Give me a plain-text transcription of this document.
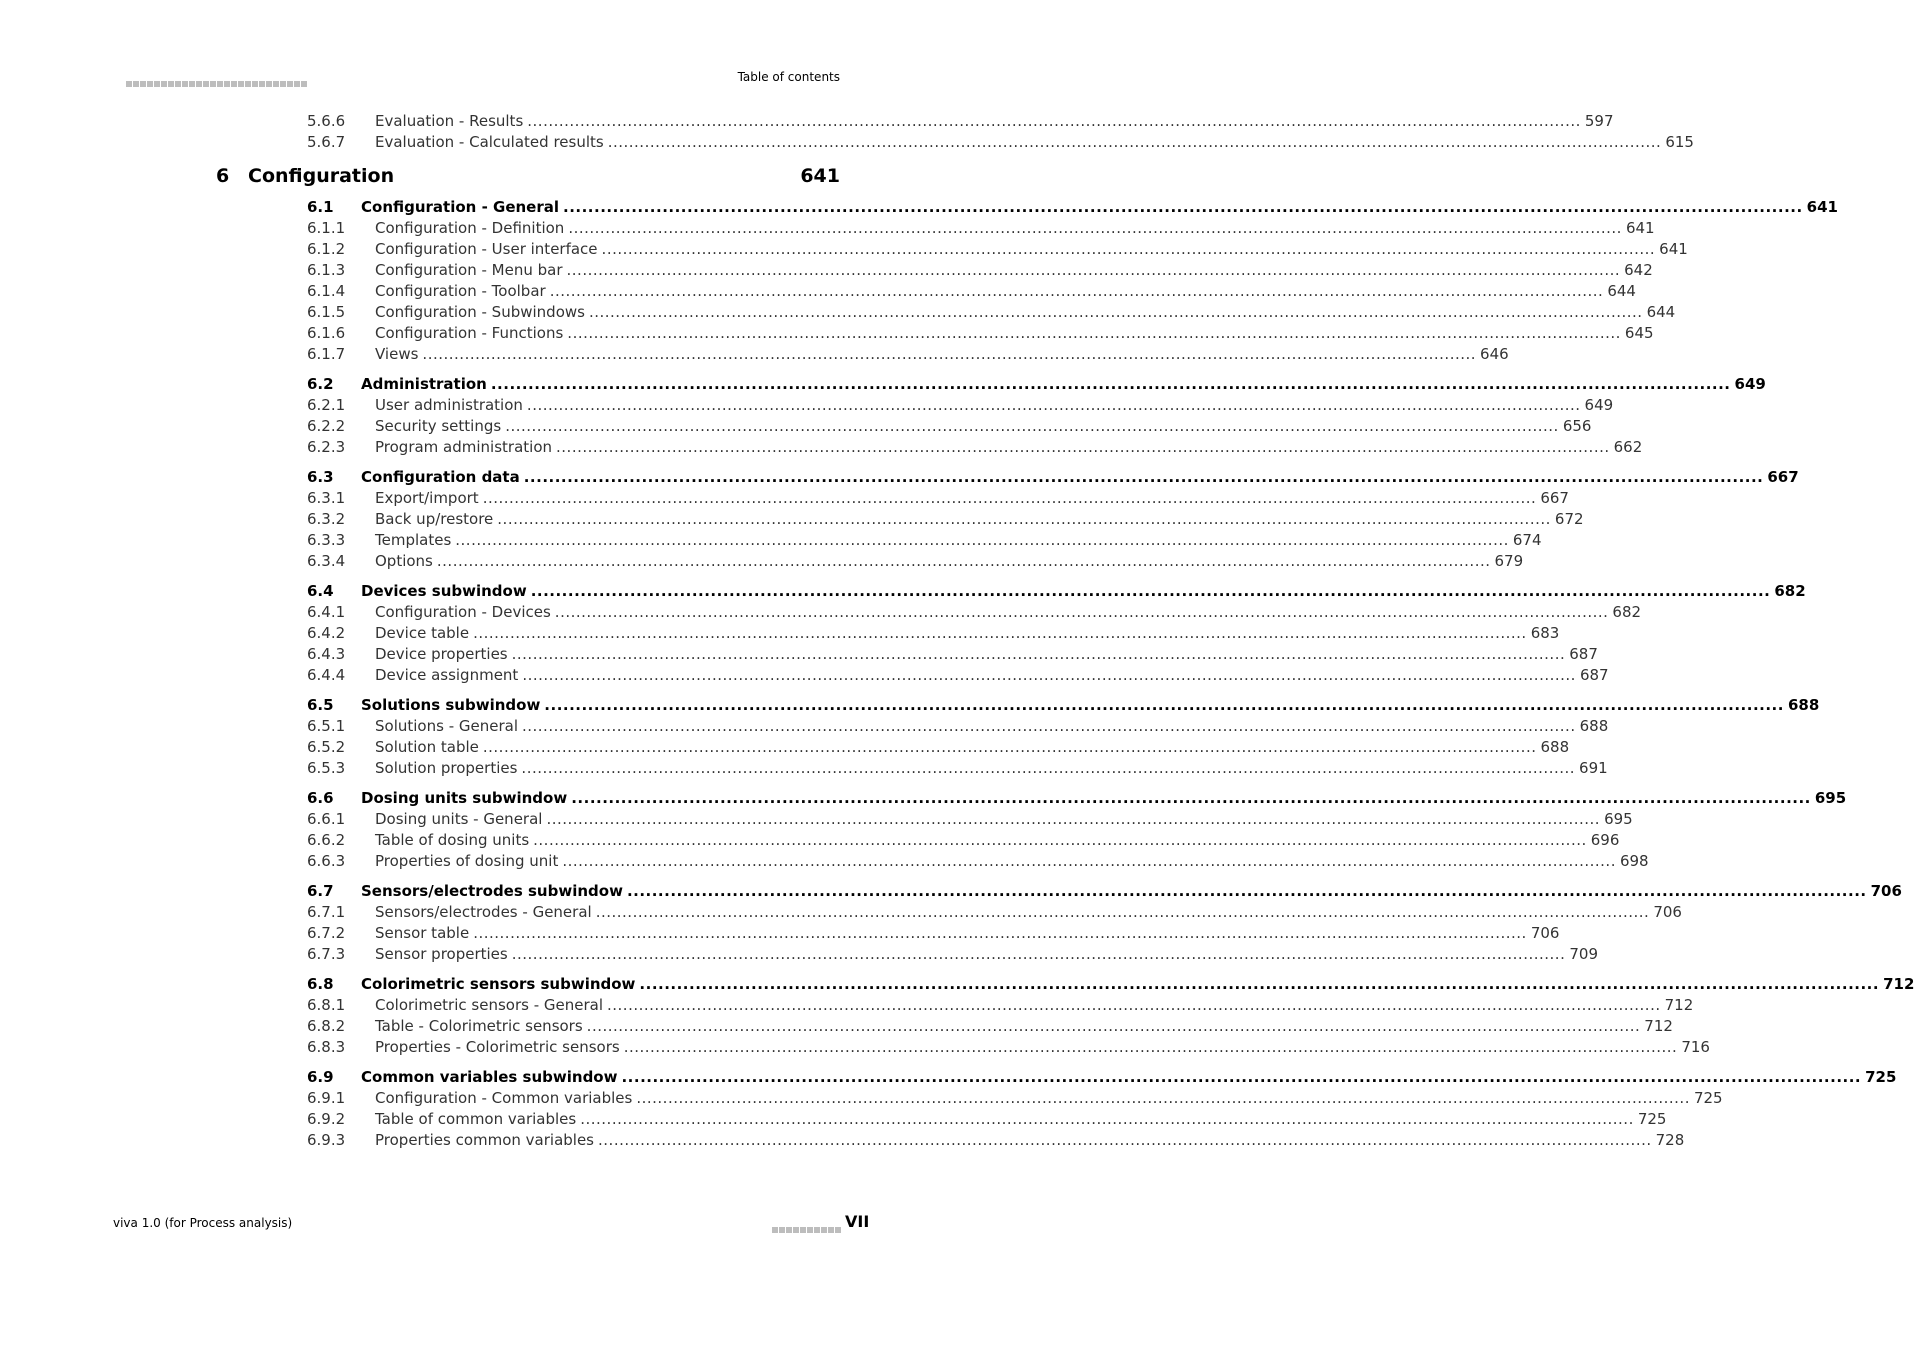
Table of contents
5.6.6 Evaluation - Results ........................................................................................................................................................................................................ 597
5.6.7 Evaluation - Calculated results ........................................................................................................................................................................................................ 615
6 Configuration	641
6.1 Configuration - General ........................................................................................................................................................................................................ 641
6.1.1 Configuration - Definition ........................................................................................................................................................................................................ 641
6.1.2 Configuration - User interface ........................................................................................................................................................................................................ 641
6.1.3 Configuration - Menu bar ........................................................................................................................................................................................................ 642
6.1.4 Configuration - Toolbar ........................................................................................................................................................................................................ 644
6.1.5 Configuration - Subwindows ........................................................................................................................................................................................................ 644
6.1.6 Configuration - Functions ........................................................................................................................................................................................................ 645
6.1.7 Views ........................................................................................................................................................................................................ 646
6.2 Administration ........................................................................................................................................................................................................ 649
6.2.1 User administration ........................................................................................................................................................................................................ 649
6.2.2 Security settings ........................................................................................................................................................................................................ 656
6.2.3 Program administration ........................................................................................................................................................................................................ 662
6.3 Configuration data ........................................................................................................................................................................................................ 667
6.3.1 Export/import ........................................................................................................................................................................................................ 667
6.3.2 Back up/restore ........................................................................................................................................................................................................ 672
6.3.3 Templates ........................................................................................................................................................................................................ 674
6.3.4 Options ........................................................................................................................................................................................................ 679
6.4 Devices subwindow ........................................................................................................................................................................................................ 682
6.4.1 Configuration - Devices ........................................................................................................................................................................................................ 682
6.4.2 Device table ........................................................................................................................................................................................................ 683
6.4.3 Device properties ........................................................................................................................................................................................................ 687
6.4.4 Device assignment ........................................................................................................................................................................................................ 687
6.5 Solutions subwindow ........................................................................................................................................................................................................ 688
6.5.1 Solutions - General ........................................................................................................................................................................................................ 688
6.5.2 Solution table ........................................................................................................................................................................................................ 688
6.5.3 Solution properties ........................................................................................................................................................................................................ 691
6.6 Dosing units subwindow ........................................................................................................................................................................................................ 695
6.6.1 Dosing units - General ........................................................................................................................................................................................................ 695
6.6.2 Table of dosing units ........................................................................................................................................................................................................ 696
6.6.3 Properties of dosing unit ........................................................................................................................................................................................................ 698
6.7 Sensors/electrodes subwindow ........................................................................................................................................................................................................ 706
6.7.1 Sensors/electrodes - General ........................................................................................................................................................................................................ 706
6.7.2 Sensor table ........................................................................................................................................................................................................ 706
6.7.3 Sensor properties ........................................................................................................................................................................................................ 709
6.8 Colorimetric sensors subwindow ........................................................................................................................................................................................................ 712
6.8.1 Colorimetric sensors - General ........................................................................................................................................................................................................ 712
6.8.2 Table - Colorimetric sensors ........................................................................................................................................................................................................ 712
6.8.3 Properties - Colorimetric sensors ........................................................................................................................................................................................................ 716
6.9 Common variables subwindow ........................................................................................................................................................................................................ 725
6.9.1 Configuration - Common variables ........................................................................................................................................................................................................ 725
6.9.2 Table of common variables ........................................................................................................................................................................................................ 725
6.9.3 Properties common variables ........................................................................................................................................................................................................ 728
viva 1.0 (for Process analysis)	VII
